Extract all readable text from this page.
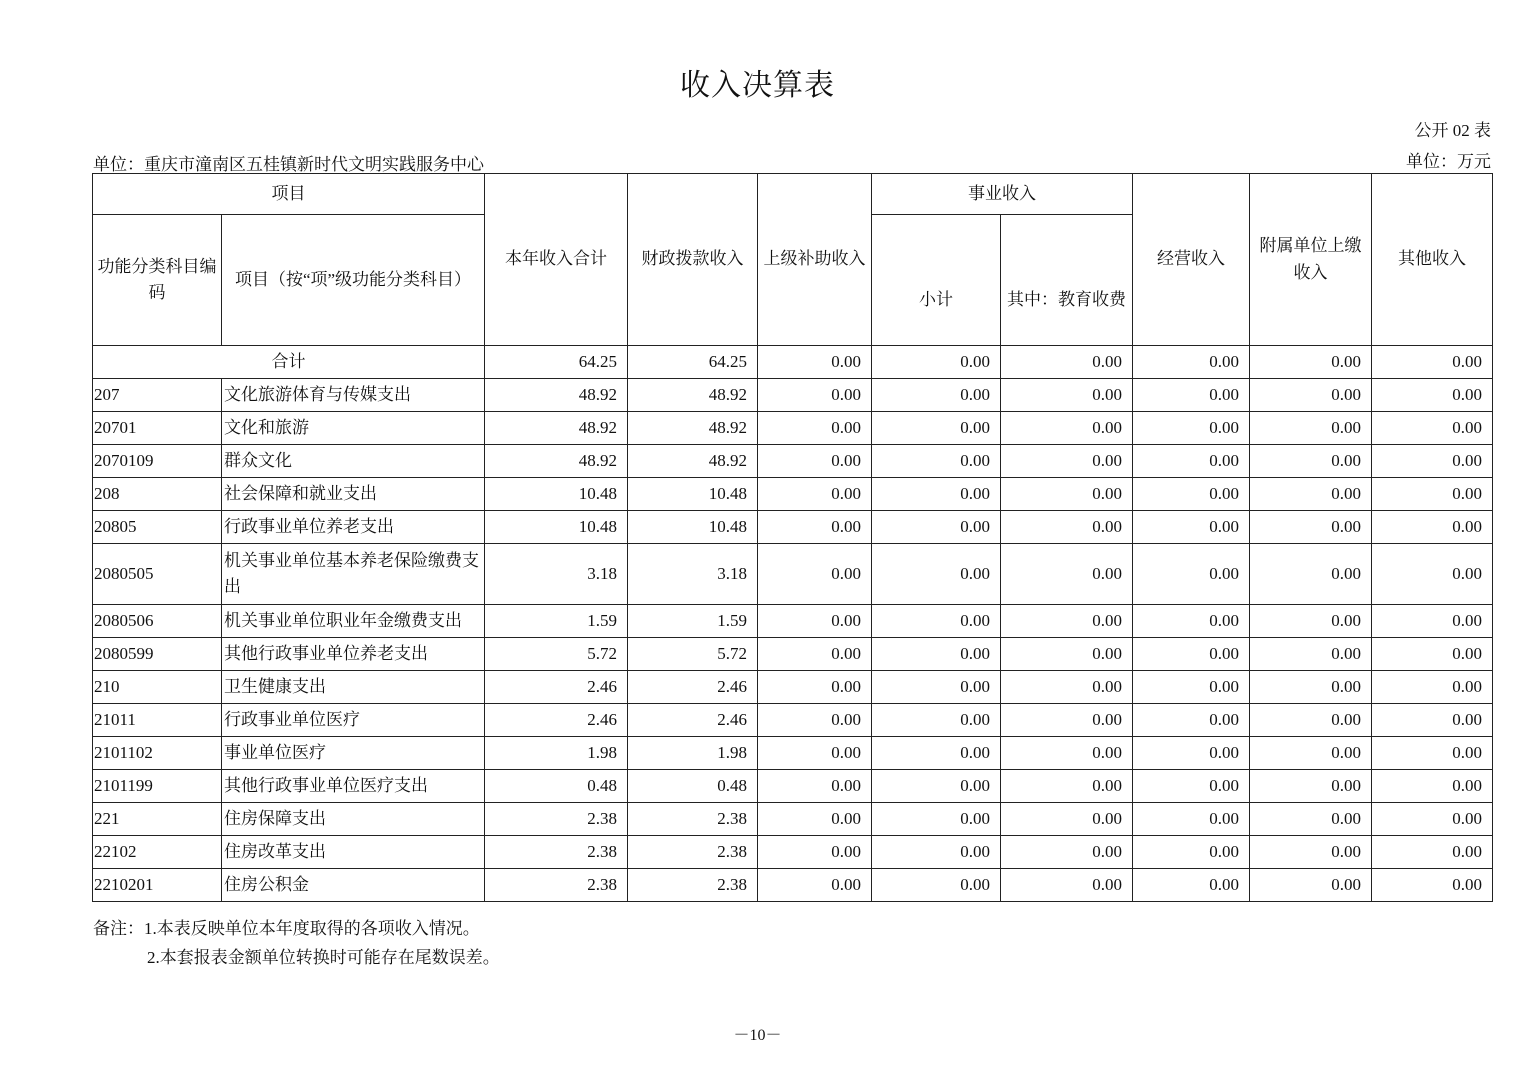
收入决算表
公开 02 表
单位：重庆市潼南区五桂镇新时代文明实践服务中心	单位：万元
项目		本年收入合计	财政拨款收入	上级补助收入	事业收入		经营收入	附属单位上缴收入	其他收入
功能分类科目编码	项目（按“项”级功能分类科目）				小计	其中：教育收费			
合计		64.25	64.25	0.00	0.00	0.00	0.00	0.00	0.00
207	文化旅游体育与传媒支出	48.92	48.92	0.00	0.00	0.00	0.00	0.00	0.00
20701	文化和旅游	48.92	48.92	0.00	0.00	0.00	0.00	0.00	0.00
2070109	群众文化	48.92	48.92	0.00	0.00	0.00	0.00	0.00	0.00
208	社会保障和就业支出	10.48	10.48	0.00	0.00	0.00	0.00	0.00	0.00
20805	行政事业单位养老支出	10.48	10.48	0.00	0.00	0.00	0.00	0.00	0.00
2080505	机关事业单位基本养老保险缴费支出	3.18	3.18	0.00	0.00	0.00	0.00	0.00	0.00
2080506	机关事业单位职业年金缴费支出	1.59	1.59	0.00	0.00	0.00	0.00	0.00	0.00
2080599	其他行政事业单位养老支出	5.72	5.72	0.00	0.00	0.00	0.00	0.00	0.00
210	卫生健康支出	2.46	2.46	0.00	0.00	0.00	0.00	0.00	0.00
21011	行政事业单位医疗	2.46	2.46	0.00	0.00	0.00	0.00	0.00	0.00
2101102	事业单位医疗	1.98	1.98	0.00	0.00	0.00	0.00	0.00	0.00
2101199	其他行政事业单位医疗支出	0.48	0.48	0.00	0.00	0.00	0.00	0.00	0.00
221	住房保障支出	2.38	2.38	0.00	0.00	0.00	0.00	0.00	0.00
22102	住房改革支出	2.38	2.38	0.00	0.00	0.00	0.00	0.00	0.00
2210201	住房公积金	2.38	2.38	0.00	0.00	0.00	0.00	0.00	0.00
备注：1.本表反映单位本年度取得的各项收入情况。
2.本套报表金额单位转换时可能存在尾数误差。
－10－
